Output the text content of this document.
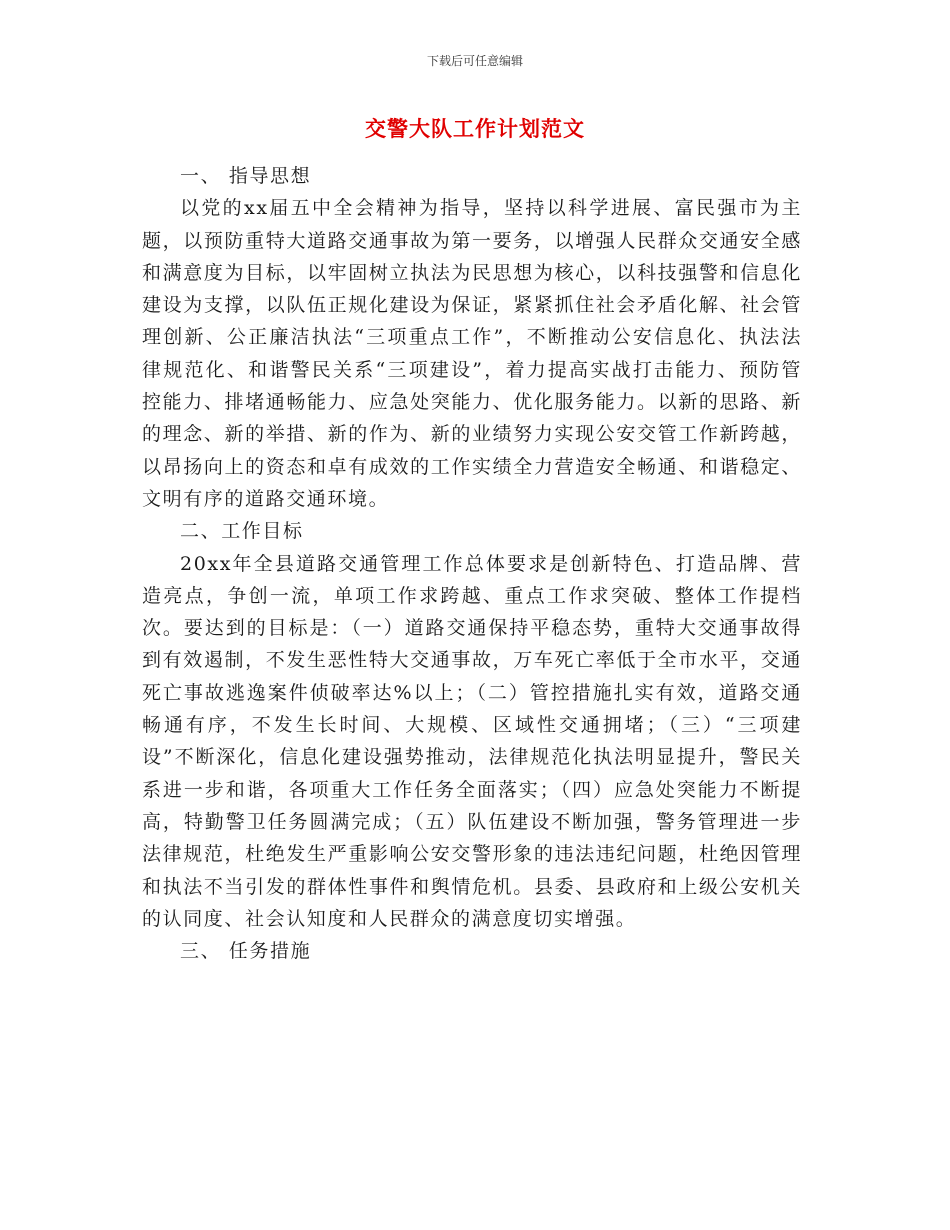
下载后可任意编辑
交警大队工作计划范文

一、 指导思想

以党的xx届五中全会精神为指导，坚持以科学进展、富民强市为主题，以预防重特大道路交通事故为第一要务，以增强人民群众交通安全感和满意度为目标，以牢固树立执法为民思想为核心，以科技强警和信息化建设为支撑，以队伍正规化建设为保证，紧紧抓住社会矛盾化解、社会管理创新、公正廉洁执法“三项重点工作”，不断推动公安信息化、执法法律规范化、和谐警民关系“三项建设”，着力提高实战打击能力、预防管控能力、排堵通畅能力、应急处突能力、优化服务能力。以新的思路、新的理念、新的举措、新的作为、新的业绩努力实现公安交管工作新跨越，以昂扬向上的资态和卓有成效的工作实绩全力营造安全畅通、和谐稳定、文明有序的道路交通环境。

二、工作目标

20xx年全县道路交通管理工作总体要求是创新特色、打造品牌、营造亮点，争创一流，单项工作求跨越、重点工作求突破、整体工作提档次。要达到的目标是：（一）道路交通保持平稳态势，重特大交通事故得到有效遏制，不发生恶性特大交通事故，万车死亡率低于全市水平，交通死亡事故逃逸案件侦破率达%以上；（二）管控措施扎实有效，道路交通畅通有序，不发生长时间、大规模、区域性交通拥堵；（三）“三项建设”不断深化，信息化建设强势推动，法律规范化执法明显提升，警民关系进一步和谐，各项重大工作任务全面落实；（四）应急处突能力不断提高，特勤警卫任务圆满完成；（五）队伍建设不断加强，警务管理进一步法律规范，杜绝发生严重影响公安交警形象的违法违纪问题，杜绝因管理和执法不当引发的群体性事件和舆情危机。县委、县政府和上级公安机关的认同度、社会认知度和人民群众的满意度切实增强。

三、 任务措施
